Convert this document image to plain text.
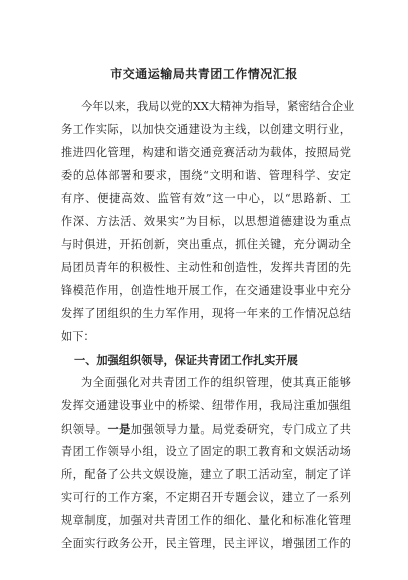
市交通运输局共青团工作情况汇报
今年以来，我局以党的XX大精神为指导，紧密结合企业
务工作实际，以加快交通建设为主线，以创建文明行业，
推进四化管理，构建和谐交通竞赛活动为载体，按照局党
委的总体部署和要求，围绕“文明和谐、管理科学、安定
有序、便捷高效、监管有效”这一中心，以“思路新、工
作深、方法活、效果实”为目标，以思想道德建设为重点
与时俱进，开拓创新，突出重点，抓住关键，充分调动全
局团员青年的积极性、主动性和创造性，发挥共青团的先
锋模范作用，创造性地开展工作，在交通建设事业中充分
发挥了团组织的生力军作用，现将一年来的工作情况总结
如下：
一、加强组织领导，保证共青团工作扎实开展
为全面强化对共青团工作的组织管理，使其真正能够
发挥交通建设事业中的桥梁、纽带作用，我局注重加强组
织领导。一是加强领导力量。局党委研究，专门成立了共
青团工作领导小组，设立了固定的职工教育和文娱活动场
所，配备了公共文娱设施，建立了职工活动室，制定了详
实可行的工作方案，不定期召开专题会议，建立了一系列
规章制度，加强对共青团工作的细化、量化和标准化管理
全面实行政务公开，民主管理，民主评议，增强团工作的
